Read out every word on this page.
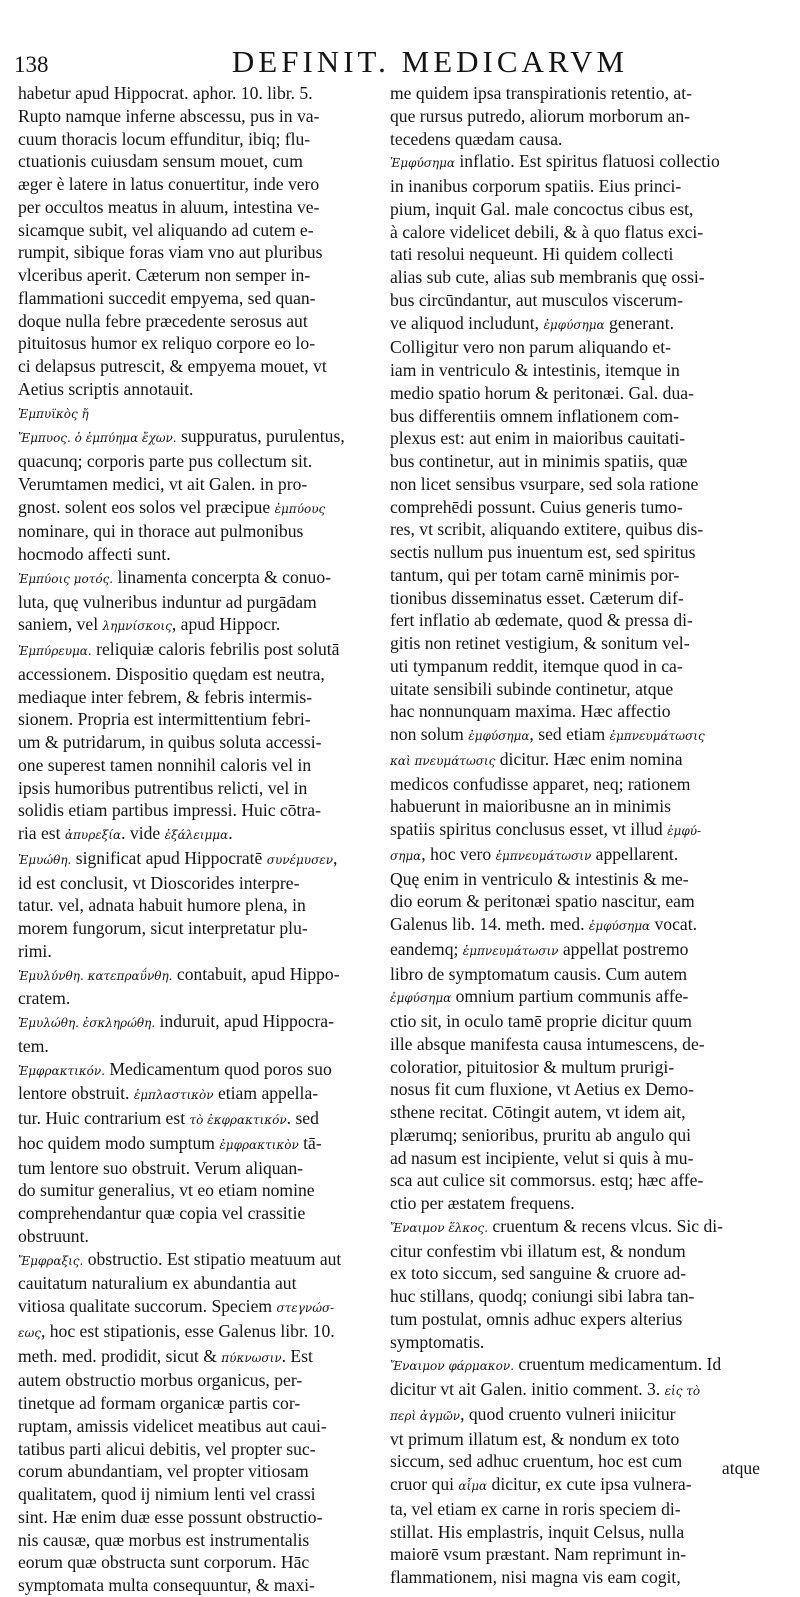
138	DEFINIT. MEDICARVM
habetur apud Hippocrat. aphor. 10. libr. 5.
Rupto namque inferne abscessu, pus in va-
cuum thoracis locum effunditur, ibiq; flu-
ctuationis cuiusdam sensum mouet, cum
æger è latere in latus conuertitur, inde vero
per occultos meatus in aluum, intestina ve-
sicamque subit, vel aliquando ad cutem e-
rumpit, sibique foras viam vno aut pluribus
vlceribus aperit. Cæterum non semper in-
flammationi succedit empyema, sed quan-
doque nulla febre præcedente serosus aut
pituitosus humor ex reliquo corpore eo lo-
ci delapsus putrescit, & empyema mouet, vt
Aetius scriptis annotauit.
Ἐμπυϊκὸς ἤ
Ἔμπυος. ὁ ἐμπύημα ἔχων. suppuratus, purulentus,
quacunq; corporis parte pus collectum sit.
Verumtamen medici, vt ait Galen. in pro-
gnost. solent eos solos vel præcipue ἐμπύους
nominare, qui in thorace aut pulmonibus
hocmodo affecti sunt.
Ἐμπύοις μοτός. linamenta concerpta & conuo-
luta, quę vulneribus induntur ad purgādam
saniem, vel λημνίσκοις, apud Hippocr.
Ἐμπύρευμα. reliquiæ caloris febrilis post solutā
accessionem. Dispositio quędam est neutra,
mediaque inter febrem, & febris intermis-
sionem. Propria est intermittentium febri-
um & putridarum, in quibus soluta accessi-
one superest tamen nonnihil caloris vel in
ipsis humoribus putrentibus relicti, vel in
solidis etiam partibus impressi. Huic cōtra-
ria est ἀπυρεξία. vide ἐξάλειμμα.
Ἐμυώθη. significat apud Hippocratē συνέμυσεν,
id est conclusit, vt Dioscorides interpre-
tatur. vel, adnata habuit humore plena, in
morem fungorum, sicut interpretatur plu-
rimi.
Ἐμυλύνθη. κατεπραΰνθη. contabuit, apud Hippo-
cratem.
Ἐμυλώθη. ἐσκληρώθη. induruit, apud Hippocra-
tem.
Ἐμφρακτικόν. Medicamentum quod poros suo
lentore obstruit. ἐμπλαστικὸν etiam appella-
tur. Huic contrarium est τὸ ἐκφρακτικόν. sed
hoc quidem modo sumptum ἐμφρακτικὸν tā-
tum lentore suo obstruit. Verum aliquan-
do sumitur generalius, vt eo etiam nomine
comprehendantur quæ copia vel crassitie
obstruunt.
Ἔμφραξις. obstructio. Est stipatio meatuum aut
cauitatum naturalium ex abundantia aut
vitiosa qualitate succorum. Speciem στεγνώσ-
εως, hoc est stipationis, esse Galenus libr. 10.
meth. med. prodidit, sicut & πύκνωσιν. Est
autem obstructio morbus organicus, per-
tinetque ad formam organicæ partis cor-
ruptam, amissis videlicet meatibus aut caui-
tatibus parti alicui debitis, vel propter suc-
corum abundantiam, vel propter vitiosam
qualitatem, quod ij nimium lenti vel crassi
sint. Hæ enim duæ esse possunt obstructio-
nis causæ, quæ morbus est instrumentalis
eorum quæ obstructa sunt corporum. Hāc
symptomata multa consequuntur, & maxi-
me quidem ipsa transpirationis retentio, at-
que rursus putredo, aliorum morborum an-
tecedens quædam causa.
Ἐμφύσημα inflatio. Est spiritus flatuosi collectio
in inanibus corporum spatiis. Eius princi-
pium, inquit Gal. male concoctus cibus est,
à calore videlicet debili, & à quo flatus exci-
tati resolui nequeunt. Hi quidem collecti
alias sub cute, alias sub membranis quę ossi-
bus circūndantur, aut musculos viscerum-
ve aliquod includunt, ἐμφύσημα generant.
Colligitur vero non parum aliquando et-
iam in ventriculo & intestinis, itemque in
medio spatio horum & peritonæi. Gal. dua-
bus differentiis omnem inflationem com-
plexus est: aut enim in maioribus cauitati-
bus continetur, aut in minimis spatiis, quæ
non licet sensibus vsurpare, sed sola ratione
comprehēdi possunt. Cuius generis tumo-
res, vt scribit, aliquando extitere, quibus dis-
sectis nullum pus inuentum est, sed spiritus
tantum, qui per totam carnē minimis por-
tionibus disseminatus esset. Cæterum dif-
fert inflatio ab œdemate, quod & pressa di-
gitis non retinet vestigium, & sonitum vel-
uti tympanum reddit, itemque quod in ca-
uitate sensibili subinde continetur, atque
hac nonnunquam maxima. Hæc affectio
non solum ἐμφύσημα, sed etiam ἐμπνευμάτωσις
καὶ πνευμάτωσις dicitur. Hæc enim nomina
medicos confudisse apparet, neq; rationem
habuerunt in maioribusne an in minimis
spatiis spiritus conclusus esset, vt illud ἐμφύ-
σημα, hoc vero ἐμπνευμάτωσιν appellarent.
Quę enim in ventriculo & intestinis & me-
dio eorum & peritonæi spatio nascitur, eam
Galenus lib. 14. meth. med. ἐμφύσημα vocat.
eandemq; ἐμπνευμάτωσιν appellat postremo
libro de symptomatum causis. Cum autem
ἐμφύσημα omnium partium communis affe-
ctio sit, in oculo tamē proprie dicitur quum
ille absque manifesta causa intumescens, de-
coloratior, pituitosior & multum prurigi-
nosus fit cum fluxione, vt Aetius ex Demo-
sthene recitat. Cōtingit autem, vt idem ait,
plærumq; senioribus, pruritu ab angulo qui
ad nasum est incipiente, velut si quis à mu-
sca aut culice sit commorsus. estq; hæc affe-
ctio per æstatem frequens.
Ἔναιμον ἕλκος. cruentum & recens vlcus. Sic di-
citur confestim vbi illatum est, & nondum
ex toto siccum, sed sanguine & cruore ad-
huc stillans, quodq; coniungi sibi labra tan-
tum postulat, omnis adhuc expers alterius
symptomatis.
Ἔναιμον φάρμακον. cruentum medicamentum. Id
dicitur vt ait Galen. initio comment. 3. εἰς τὸ
περὶ ἀγμῶν, quod cruento vulneri iniicitur
vt primum illatum est, & nondum ex toto
siccum, sed adhuc cruentum, hoc est cum
cruor qui αἷμα dicitur, ex cute ipsa vulnera-
ta, vel etiam ex carne in roris speciem di-
stillat. His emplastris, inquit Celsus, nulla
maiorē vsum præstant. Nam reprimunt in-
flammationem, nisi magna vis eam cogit,
atque
